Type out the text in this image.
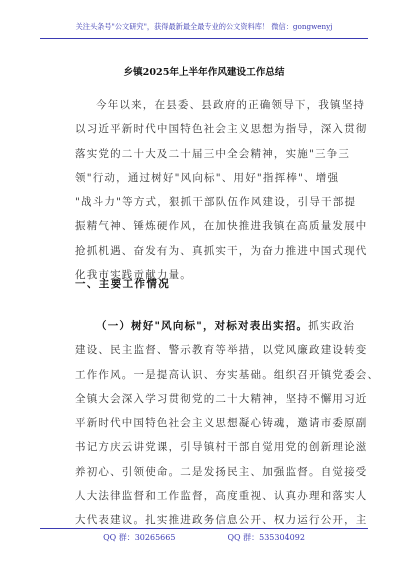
关注头条号"公文研究"，获得最新最全最专业的公文资料库！ 微信：gongwenyj
乡镇2025年上半年作风建设工作总结
今年以来，在县委、县政府的正确领导下，我镇坚持
以习近平新时代中国特色社会主义思想为指导，深入贯彻
落实党的二十大及二十届三中全会精神，实施"三争三
领"行动，通过树好"风向标"、用好"指挥棒"、增强
"战斗力"等方式，狠抓干部队伍作风建设，引导干部提
振精气神、锤炼硬作风，在加快推进我镇在高质量发展中
抢抓机遇、奋发有为、真抓实干，为奋力推进中国式现代
化我市实践贡献力量。
一、主要工作情况
（一）树好"风向标"，对标对表出实招。抓实政治
建设、民主监督、警示教育等举措，以党风廉政建设转变
工作作风。一是提高认识、夯实基础。组织召开镇党委会、
全镇大会深入学习贯彻党的二十大精神，坚持不懈用习近
平新时代中国特色社会主义思想凝心铸魂，邀请市委原副
书记方庆云讲党课，引导镇村干部自觉用党的创新理论滋
养初心、引领使命。二是发扬民主、加强监督。自觉接受
人大法律监督和工作监督，高度重视、认真办理和落实人
大代表建议。扎实推进政务信息公开、权力运行公开，主
QQ 群：30265665	QQ 群：535304092
